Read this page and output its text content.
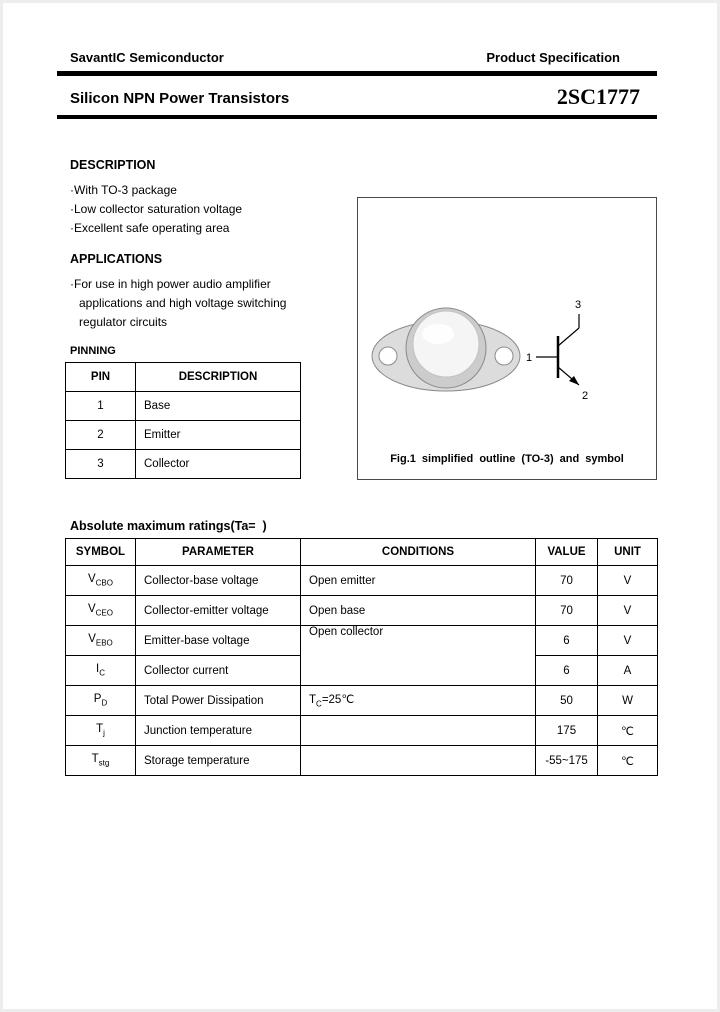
SavantIC Semiconductor	Product Specification
Silicon NPN Power Transistors	2SC1777
DESCRIPTION
·With TO-3 package
·Low collector saturation voltage
·Excellent safe operating area
APPLICATIONS
·For use in high power audio amplifier
applications and high voltage switching
regulator circuits
PINNING
PIN	DESCRIPTION
1	Base
2	Emitter
3	Collector
1
3
2
Fig.1 simplified outline (TO-3) and symbol
Absolute maximum ratings(Ta=  )
SYMBOL	PARAMETER	CONDITIONS	VALUE	UNIT
$V_{CBO}$	Collector-base voltage	Open emitter	70	V
$V_{CEO}$	Collector-emitter voltage	Open base	70	V
$V_{EBO}$	Emitter-base voltage	Open collector	6	V
$I_C$	Collector current		6	A
$P_D$	Total Power Dissipation	$T_C=25℃$	50	W
$T_j$	Junction temperature		175	℃
$T_{stg}$	Storage temperature		-55~175	℃
